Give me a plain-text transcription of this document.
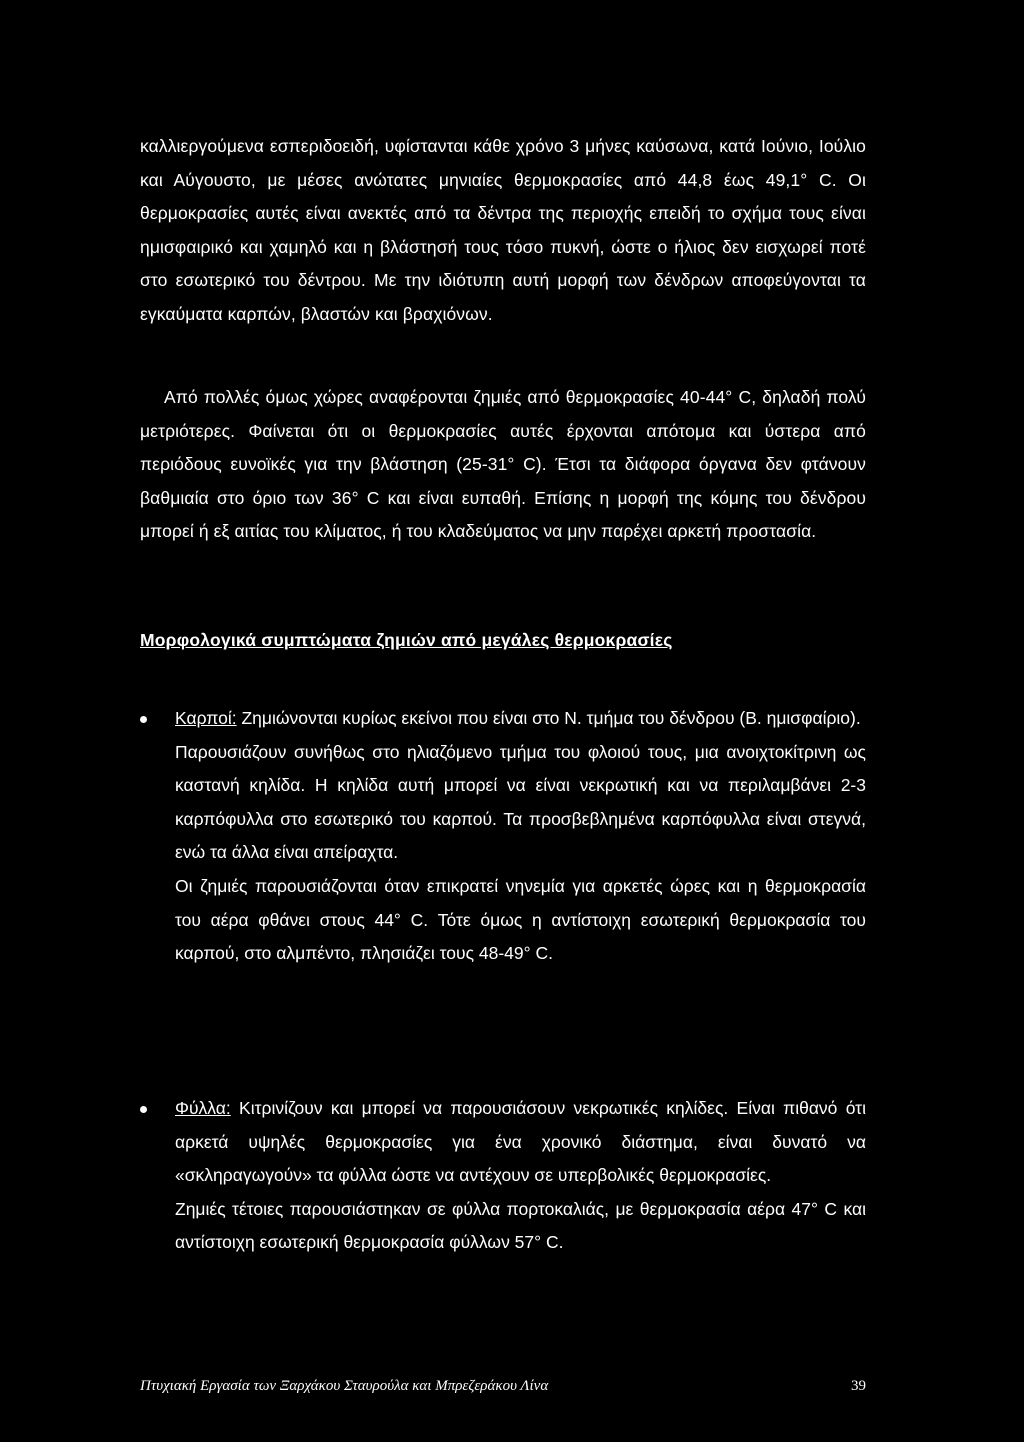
καλλιεργούμενα εσπεριδοειδή, υφίστανται κάθε χρόνο 3 μήνες καύσωνα, κατά Ιούνιο, Ιούλιο και Αύγουστο, με μέσες ανώτατες μηνιαίες θερμοκρασίες από 44,8 έως 49,1° C. Οι θερμοκρασίες αυτές είναι ανεκτές από τα δέντρα της περιοχής επειδή το σχήμα τους είναι ημισφαιρικό και χαμηλό και η βλάστησή τους τόσο πυκνή, ώστε ο ήλιος δεν εισχωρεί ποτέ στο εσωτερικό του δέντρου. Με την ιδιότυπη αυτή μορφή των δένδρων αποφεύγονται τα εγκαύματα καρπών, βλαστών και βραχιόνων.
Από πολλές όμως χώρες αναφέρονται ζημιές από θερμοκρασίες 40-44° C, δηλαδή πολύ μετριότερες. Φαίνεται ότι οι θερμοκρασίες αυτές έρχονται απότομα και ύστερα από περιόδους ευνοϊκές για την βλάστηση (25-31° C). Έτσι τα διάφορα όργανα δεν φτάνουν βαθμιαία στο όριο των 36° C και είναι ευπαθή. Επίσης η μορφή της κόμης του δένδρου μπορεί ή εξ αιτίας του κλίματος, ή του κλαδεύματος να μην παρέχει αρκετή προστασία.
Μορφολογικά συμπτώματα ζημιών από μεγάλες θερμοκρασίες

Καρποί: Ζημιώνονται κυρίως εκείνοι που είναι στο Ν. τμήμα του δένδρου (Β. ημισφαίριο).

Παρουσιάζουν συνήθως στο ηλιαζόμενο τμήμα του φλοιού τους, μια ανοιχτοκίτρινη ως καστανή κηλίδα. Η κηλίδα αυτή μπορεί να είναι νεκρωτική και να περιλαμβάνει 2-3 καρπόφυλλα στο εσωτερικό του καρπού. Τα προσβεβλημένα καρπόφυλλα είναι στεγνά, ενώ τα άλλα είναι απείραχτα.

Οι ζημιές παρουσιάζονται όταν επικρατεί νηνεμία για αρκετές ώρες και η θερμοκρασία του αέρα φθάνει στους 44° C. Τότε όμως η αντίστοιχη εσωτερική θερμοκρασία του καρπού, στο αλμπέντο, πλησιάζει τους 48-49° C.

Φύλλα: Κιτρινίζουν και μπορεί να παρουσιάσουν νεκρωτικές κηλίδες. Είναι πιθανό ότι αρκετά υψηλές θερμοκρασίες για ένα χρονικό διάστημα, είναι δυνατό να «σκληραγωγούν» τα φύλλα ώστε να αντέχουν σε υπερβολικές θερμοκρασίες.

Ζημιές τέτοιες παρουσιάστηκαν σε φύλλα πορτοκαλιάς, με θερμοκρασία αέρα 47° C και αντίστοιχη εσωτερική θερμοκρασία φύλλων 57° C.

Πτυχιακή Εργασία των Ξαρχάκου Σταυρούλα και Μπρεζεράκου Λίνα	39
